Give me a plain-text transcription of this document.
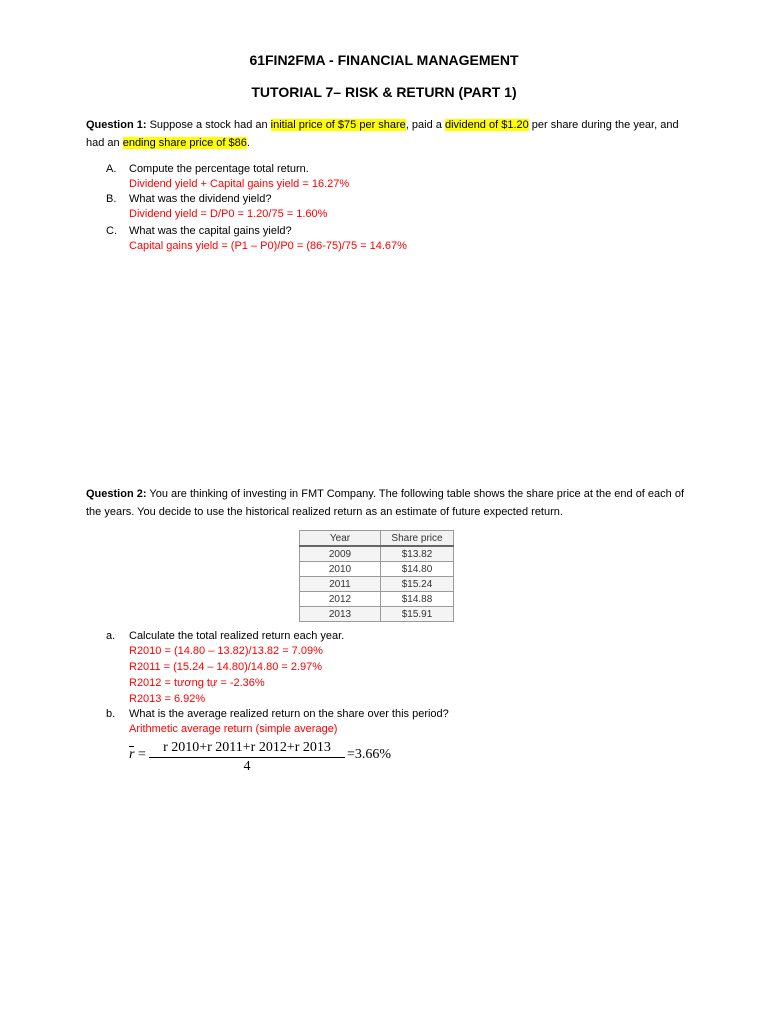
61FIN2FMA - FINANCIAL MANAGEMENT
TUTORIAL 7– RISK & RETURN (PART 1)
Question 1: Suppose a stock had an initial price of $75 per share, paid a dividend of $1.20 per share during the year, and had an ending share price of $86.
A. Compute the percentage total return.
Dividend yield + Capital gains yield = 16.27%
B. What was the dividend yield?
Dividend yield = D/P0 = 1.20/75 = 1.60%
C. What was the capital gains yield?
Capital gains yield = (P1 – P0)/P0 = (86-75)/75 = 14.67%
Question 2: You are thinking of investing in FMT Company. The following table shows the share price at the end of each of the years. You decide to use the historical realized return as an estimate of future expected return.
Year	Share price
2009	$13.82
2010	$14.80
2011	$15.24
2012	$14.88
2013	$15.91
a. Calculate the total realized return each year.
R2010 = (14.80 – 13.82)/13.82 = 7.09%
R2011 = (15.24 – 14.80)/14.80 = 2.97%
R2012 = tương tự = -2.36%
R2013 = 6.92%
b. What is the average realized return on the share over this period?
Arithmetic average return (simple average)
$r = \frac{r 2010+r 2011+r 2012+r 2013}{4} =3.66\%$
